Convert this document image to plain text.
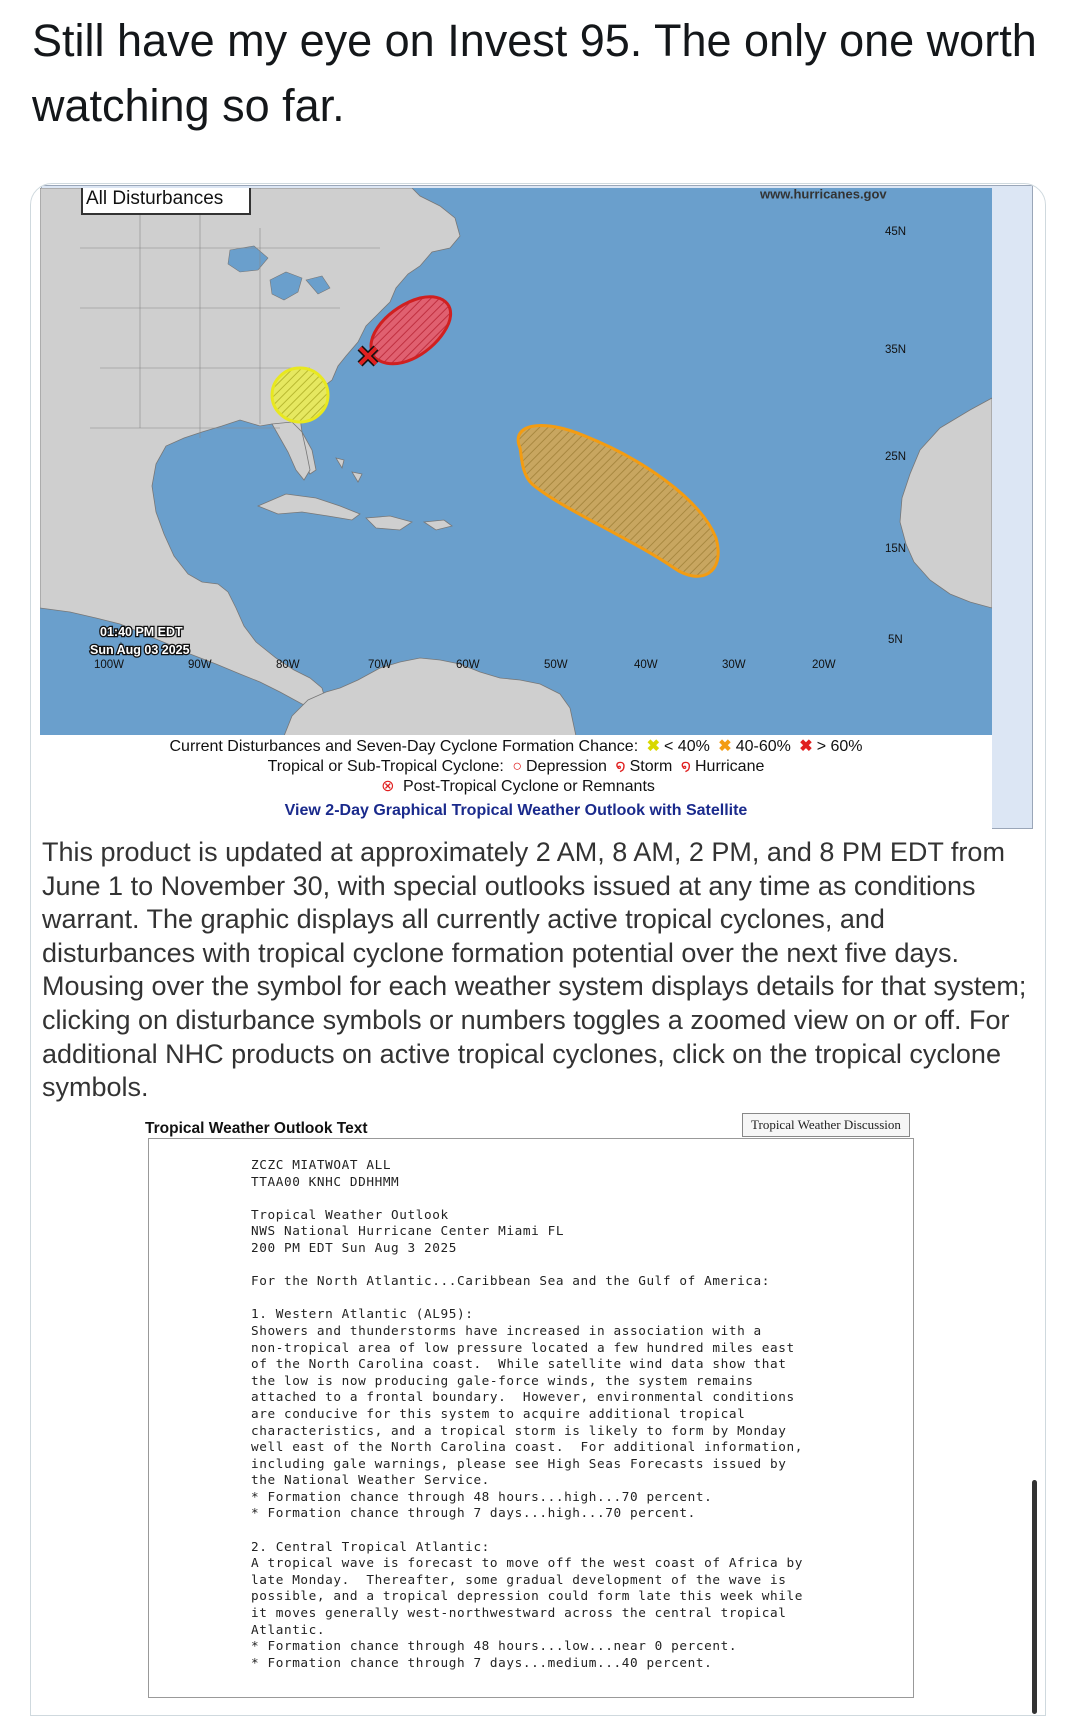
Still have my eye on Invest 95. The only one worth watching so far.
45N
35N
25N
15N
5N
www.hurricanes.gov
All Disturbances
01:40 PM EDT
Sun Aug 03 2025
100W	90W	80W	70W	60W	50W	40W	30W	20W
Current Disturbances and Seven-Day Cyclone Formation Chance: ✖ < 40% ✖ 40-60% ✖ > 60%
Tropical or Sub-Tropical Cyclone: ○ Depression ໑ Storm ໑ Hurricane
⊗ Post-Tropical Cyclone or Remnants
View 2-Day Graphical Tropical Weather Outlook with Satellite
This product is updated at approximately 2 AM, 8 AM, 2 PM, and 8 PM EDT from June 1 to November 30, with special outlooks issued at any time as conditions warrant. The graphic displays all currently active tropical cyclones, and disturbances with tropical cyclone formation potential over the next five days. Mousing over the symbol for each weather system displays details for that system; clicking on disturbance symbols or numbers toggles a zoomed view on or off. For additional NHC products on active tropical cyclones, click on the tropical cyclone symbols.
Tropical Weather Outlook Text	Tropical Weather Discussion
ZCZC MIATWOAT ALL
TTAA00 KNHC DDHHMM

Tropical Weather Outlook
NWS National Hurricane Center Miami FL
200 PM EDT Sun Aug 3 2025

For the North Atlantic...Caribbean Sea and the Gulf of America:

1. Western Atlantic (AL95):
Showers and thunderstorms have increased in association with a
non-tropical area of low pressure located a few hundred miles east
of the North Carolina coast.  While satellite wind data show that
the low is now producing gale-force winds, the system remains
attached to a frontal boundary.  However, environmental conditions
are conducive for this system to acquire additional tropical
characteristics, and a tropical storm is likely to form by Monday
well east of the North Carolina coast.  For additional information,
including gale warnings, please see High Seas Forecasts issued by
the National Weather Service.
* Formation chance through 48 hours...high...70 percent.
* Formation chance through 7 days...high...70 percent.

2. Central Tropical Atlantic:
A tropical wave is forecast to move off the west coast of Africa by
late Monday.  Thereafter, some gradual development of the wave is
possible, and a tropical depression could form late this week while
it moves generally west-northwestward across the central tropical
Atlantic.
* Formation chance through 48 hours...low...near 0 percent.
* Formation chance through 7 days...medium...40 percent.
